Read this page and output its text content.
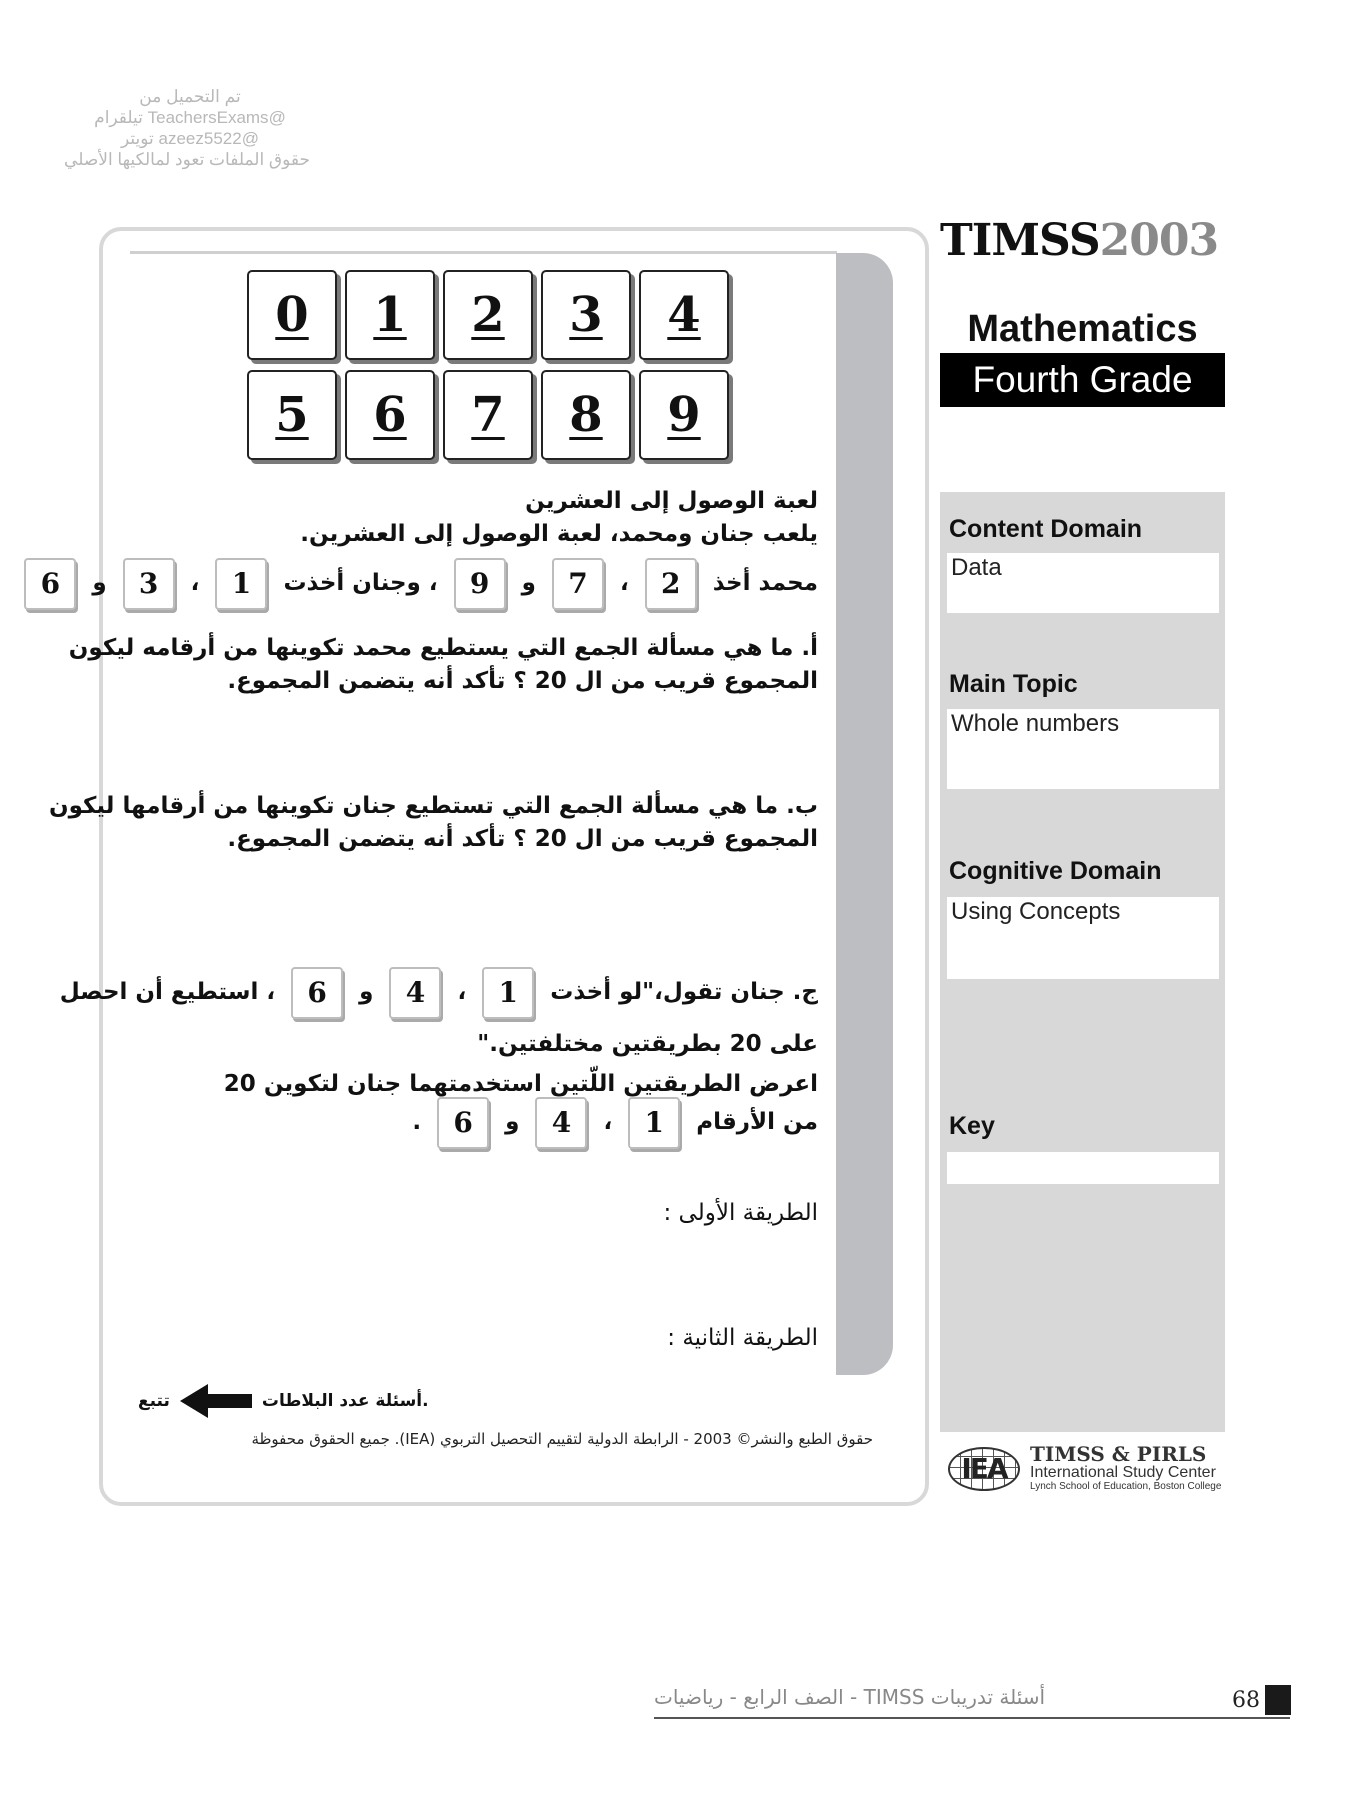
تم التحميل من
@TeachersExams تيلقرام
@azeez5522 تويتر
حقوق الملفات تعود لمالكيها الأصلي
0 1 2 3 4
5 6 7 8 9
لعبة الوصول إلى العشرين
يلعب جنان ومحمد، لعبة الوصول إلى العشرين.
محمد أخذ 2 ، 7 و 9 ، وجنان أخذت 1 ، 3 و 6
أ. ما هي مسألة الجمع التي يستطيع محمد تكوينها من أرقامه ليكون
المجموع قريب من ال 20 ؟ تأكد أنه يتضمن المجموع.
ب. ما هي مسألة الجمع التي تستطيع جنان تكوينها من أرقامها ليكون
المجموع قريب من ال 20 ؟ تأكد أنه يتضمن المجموع.
ج. جنان تقول،"لو أخذت 1 ، 4 و 6 ، استطيع أن احصل
على 20 بطريقتين مختلفتين."
اعرض الطريقتين اللّتين استخدمتهما جنان لتكوين 20
من الأرقام 1 ، 4 و 6 .
الطريقة الأولى :
الطريقة الثانية :
تتبع	أسئلة عدد البلاطات.
حقوق الطبع والنشر© 2003 - الرابطة الدولية لتقييم التحصيل التربوي (IEA). جميع الحقوق محفوظة
TIMSS2003
Mathematics
Fourth Grade
Content Domain
Data
Main Topic
Whole numbers
Cognitive Domain
Using Concepts
Key
IEA	TIMSS & PIRLS
International Study Center
Lynch School of Education, Boston College
أسئلة تدريبات TIMSS - الصف الرابع - رياضيات	68
